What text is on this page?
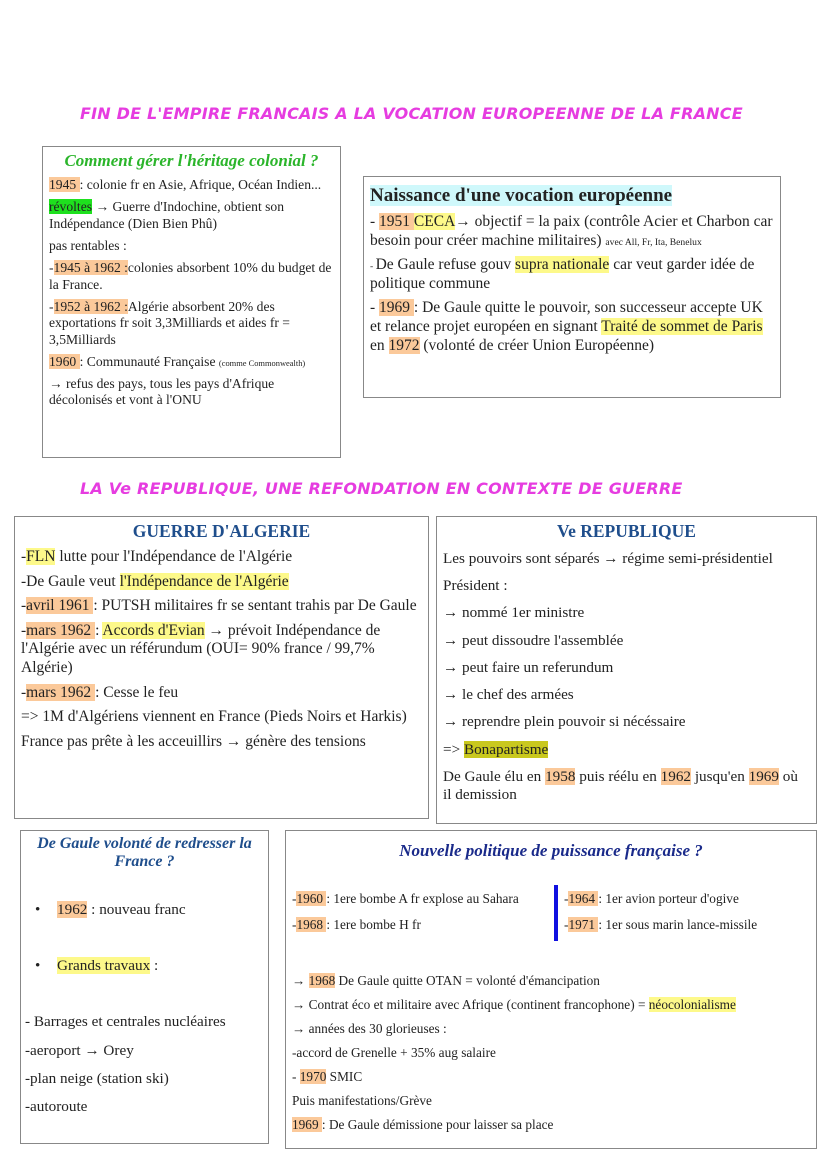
FIN DE L'EMPIRE FRANCAIS A LA VOCATION EUROPEENNE DE LA FRANCE
LA Ve REPUBLIQUE, UNE REFONDATION EN CONTEXTE DE GUERRE
Comment gérer l'héritage colonial ?

1945 : colonie fr en Asie, Afrique, Océan Indien...

révoltes → Guerre d'Indochine, obtient son Indépendance (Dien Bien Phû)

pas rentables :

-1945 à 1962 :colonies absorbent 10% du budget de la France.

-1952 à 1962 :Algérie absorbent 20% des exportations fr soit 3,3Milliards et aides fr = 3,5Milliards

1960 : Communauté Française (comme Commonwealth)

→ refus des pays, tous les pays d'Afrique décolonisés et vont à l'ONU

Naissance d'une vocation européenne

- 1951 CECA→ objectif = la paix (contrôle Acier et Charbon car besoin pour créer machine militaires) avec All, Fr, Ita, Benelux

- De Gaule refuse gouv supra nationale car veut garder idée de politique commune

- 1969 : De Gaule quitte le pouvoir, son successeur accepte UK et relance projet européen en signant Traité de sommet de Paris en 1972 (volonté de créer Union Européenne)

GUERRE D'ALGERIE

-FLN lutte pour l'Indépendance de l'Algérie

-De Gaule veut l'Indépendance de l'Algérie

-avril 1961 : PUTSH militaires fr se sentant trahis par De Gaule

-mars 1962 : Accords d'Evian → prévoit Indépendance de l'Algérie avec un référundum (OUI= 90% france / 99,7% Algérie)

-mars 1962 : Cesse le feu

=> 1M d'Algériens viennent en France (Pieds Noirs et Harkis)

France pas prête à les acceuillirs → génère des tensions

Ve REPUBLIQUE

Les pouvoirs sont séparés → régime semi-présidentiel

Président :

→ nommé 1er ministre

→ peut dissoudre l'assemblée

→ peut faire un referundum

→ le chef des armées

→ reprendre plein pouvoir si nécéssaire

=> Bonapartisme

De Gaule élu en 1958 puis réélu en 1962 jusqu'en 1969 où il demission

De Gaule volonté de redresser la France ?

• 1962 : nouveau franc

• Grands travaux :

- Barrages et centrales nucléaires

-aeroport → Orey

-plan neige (station ski)

-autoroute

Nouvelle politique de puissance française ?

-1960 : 1ere bombe A fr explose au Sahara

-1968 : 1ere bombe H fr

-1964 : 1er avion porteur d'ogive

-1971 : 1er sous marin lance-missile

→ 1968 De Gaule quitte OTAN = volonté d'émancipation

→ Contrat éco et militaire avec Afrique (continent francophone) = néocolonialisme

→ années des 30 glorieuses :

-accord de Grenelle + 35% aug salaire

- 1970 SMIC

Puis manifestations/Grève

1969 : De Gaule démissione pour laisser sa place
